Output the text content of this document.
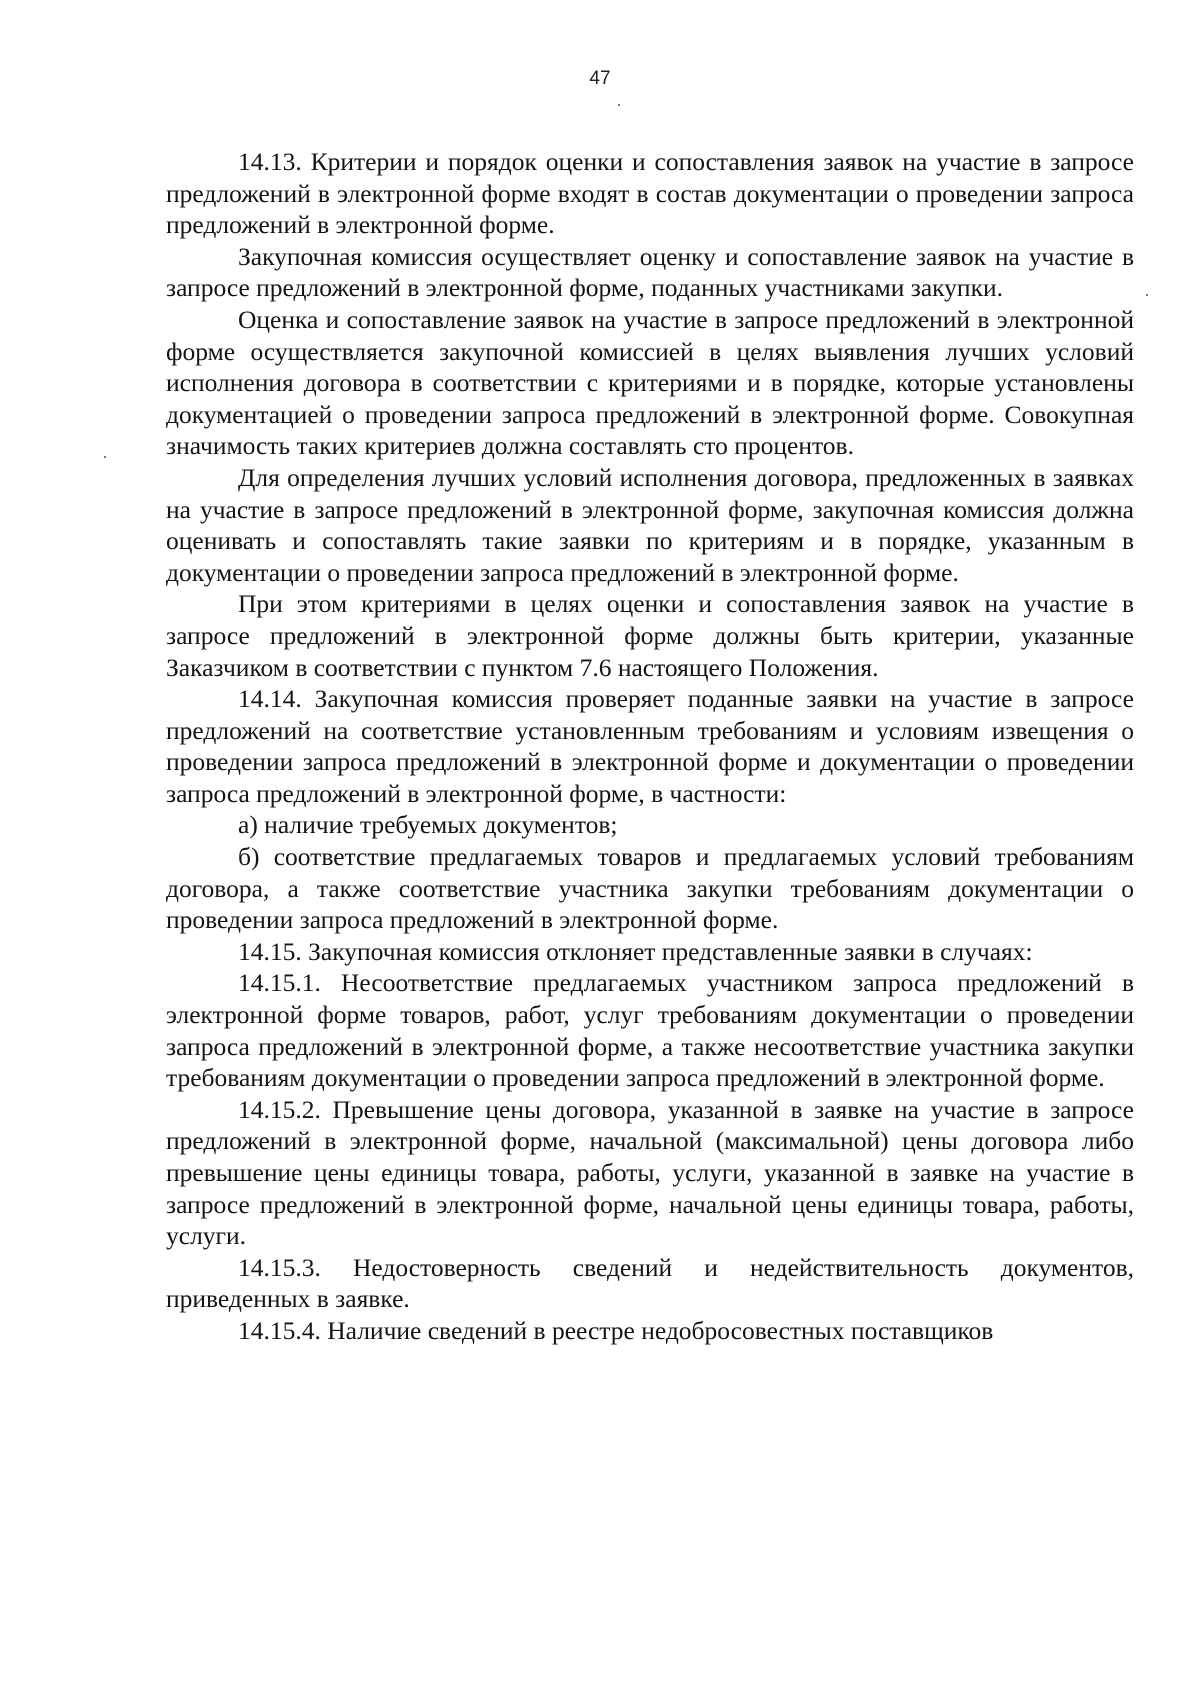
47

14.13. Критерии и порядок оценки и сопоставления заявок на участие в запросе предложений в электронной форме входят в состав документации о проведении запроса предложений в электронной форме.

Закупочная комиссия осуществляет оценку и сопоставление заявок на участие в запросе предложений в электронной форме, поданных участниками закупки.

Оценка и сопоставление заявок на участие в запросе предложений в электронной форме осуществляется закупочной комиссией в целях выявления лучших условий исполнения договора в соответствии с критериями и в порядке, которые установлены документацией о проведении запроса предложений в электронной форме. Совокупная значимость таких критериев должна составлять сто процентов.

Для определения лучших условий исполнения договора, предложенных в заявках на участие в запросе предложений в электронной форме, закупочная комиссия должна оценивать и сопоставлять такие заявки по критериям и в порядке, указанным в документации о проведении запроса предложений в электронной форме.

При этом критериями в целях оценки и сопоставления заявок на участие в запросе предложений в электронной форме должны быть критерии, указанные Заказчиком в соответствии с пунктом 7.6 настоящего Положения.

14.14. Закупочная комиссия проверяет поданные заявки на участие в запросе предложений на соответствие установленным требованиям и условиям извещения о проведении запроса предложений в электронной форме и документации о проведении запроса предложений в электронной форме, в частности:

а) наличие требуемых документов;

б) соответствие предлагаемых товаров и предлагаемых условий требованиям договора, а также соответствие участника закупки требованиям документации о проведении запроса предложений в электронной форме.

14.15. Закупочная комиссия отклоняет представленные заявки в случаях:

14.15.1. Несоответствие предлагаемых участником запроса предложений в электронной форме товаров, работ, услуг требованиям документации о проведении запроса предложений в электронной форме, а также несоответствие участника закупки требованиям документации о проведении запроса предложений в электронной форме.

14.15.2. Превышение цены договора, указанной в заявке на участие в запросе предложений в электронной форме, начальной (максимальной) цены договора либо превышение цены единицы товара, работы, услуги, указанной в заявке на участие в запросе предложений в электронной форме, начальной цены единицы товара, работы, услуги.

14.15.3. Недостоверность сведений и недействительность документов, приведенных в заявке.

14.15.4. Наличие сведений в реестре недобросовестных поставщиков
